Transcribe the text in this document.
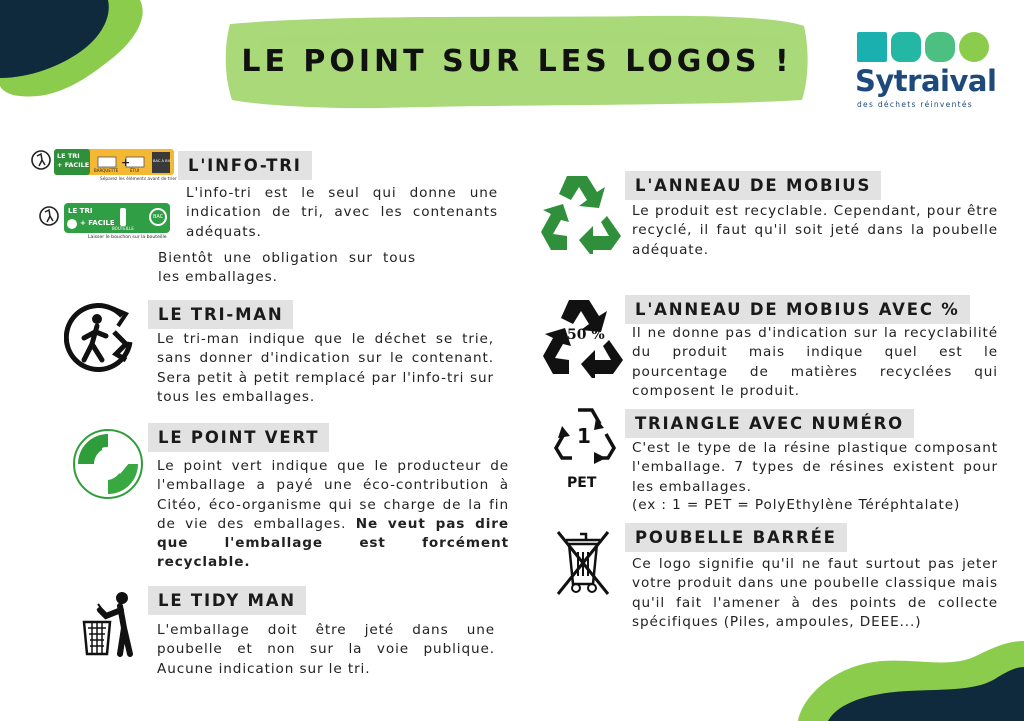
LE POINT SUR LES LOGOS !
Sytraival
des déchets réinventés
+
LE TRI
+ FACILE
BARQUETTE	ÉTUI
BAC À BIS
Séparez les éléments avant de trier
LE TRI
+ FACILE
BOUTEILLE
BAC
Laisser le bouchon sur la bouteille
L'INFO-TRI
L'info-tri est le seul qui donne une indication de tri, avec les contenants adéquats.
Bientôt une obligation sur tous les emballages.
LE TRI-MAN
Le tri-man indique que le déchet se trie, sans donner d'indication sur le contenant. Sera petit à petit remplacé par l'info-tri sur tous les emballages.
LE POINT VERT
Le point vert indique que le producteur de l'emballage a payé une éco-contribution à Citéo, éco-organisme qui se charge de la fin de vie des emballages. Ne veut pas dire que l'emballage est forcément recyclable.
LE TIDY MAN
L'emballage doit être jeté dans une poubelle et non sur la voie publique. Aucune indication sur le tri.
L'ANNEAU DE MOBIUS
Le produit est recyclable. Cependant, pour être recyclé, il faut qu'il soit jeté dans la poubelle adéquate.
50 %
L'ANNEAU DE MOBIUS AVEC %
Il ne donne pas d'indication sur la recyclabilité du produit mais indique quel est le pourcentage de matières recyclées qui composent le produit.
1
PET
TRIANGLE AVEC NUMÉRO
C'est le type de la résine plastique composant l'emballage. 7 types de résines existent pour les emballages.
(ex : 1 = PET = PolyEthylène Téréphtalate)
POUBELLE BARRÉE
Ce logo signifie qu'il ne faut surtout pas jeter votre produit dans une poubelle classique mais qu'il fait l'amener à des points de collecte spécifiques (Piles, ampoules, DEEE...)
